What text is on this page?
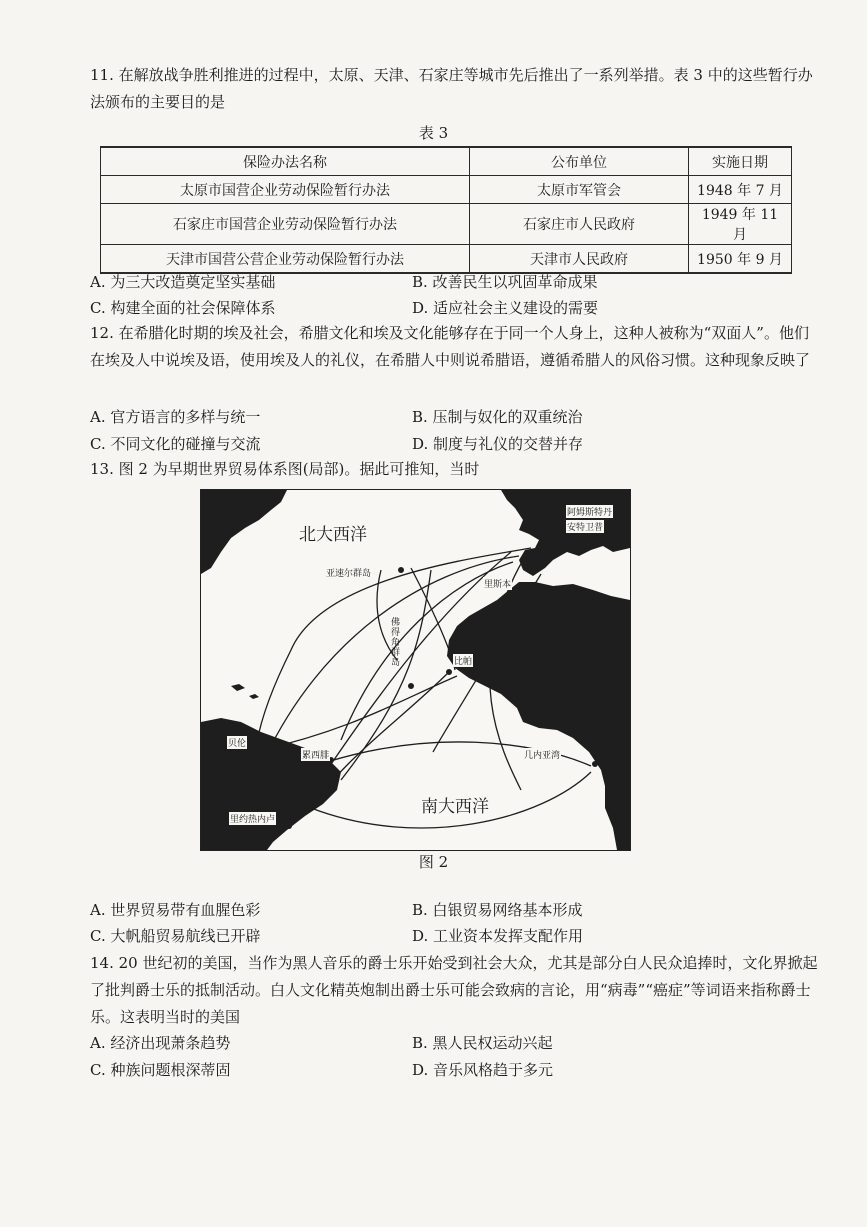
11. 在解放战争胜利推进的过程中，太原、天津、石家庄等城市先后推出了一系列举措。表 3 中的这些暂行办法颁布的主要目的是
表 3
保险办法名称	公布单位	实施日期
太原市国营企业劳动保险暂行办法	太原市军管会	1948 年 7 月
石家庄市国营企业劳动保险暂行办法	石家庄市人民政府	1949 年 11 月
天津市国营公营企业劳动保险暂行办法	天津市人民政府	1950 年 9 月
A. 为三大改造奠定坚实基础	B. 改善民生以巩固革命成果
C. 构建全面的社会保障体系	D. 适应社会主义建设的需要
12. 在希腊化时期的埃及社会，希腊文化和埃及文化能够存在于同一个人身上，这种人被称为“双面人”。他们在埃及人中说埃及语，使用埃及人的礼仪，在希腊人中则说希腊语，遵循希腊人的风俗习惯。这种现象反映了
A. 官方语言的多样与统一	B. 压制与奴化的双重统治
C. 不同文化的碰撞与交流	D. 制度与礼仪的交替并存
13. 图 2 为早期世界贸易体系图(局部)。据此可推知，当时
北大西洋
南大西洋
阿姆斯特丹
安特卫普
里斯本
亚速尔群岛
佛得角群岛	比帕
几内亚湾
贝伦
累西腓
里约热内卢
图 2
A. 世界贸易带有血腥色彩	B. 白银贸易网络基本形成
C. 大帆船贸易航线已开辟	D. 工业资本发挥支配作用
14. 20 世纪初的美国，当作为黑人音乐的爵士乐开始受到社会大众，尤其是部分白人民众追捧时，文化界掀起了批判爵士乐的抵制活动。白人文化精英炮制出爵士乐可能会致病的言论，用“病毒”“癌症”等词语来指称爵士乐。这表明当时的美国
A. 经济出现萧条趋势	B. 黑人民权运动兴起
C. 种族问题根深蒂固	D. 音乐风格趋于多元
